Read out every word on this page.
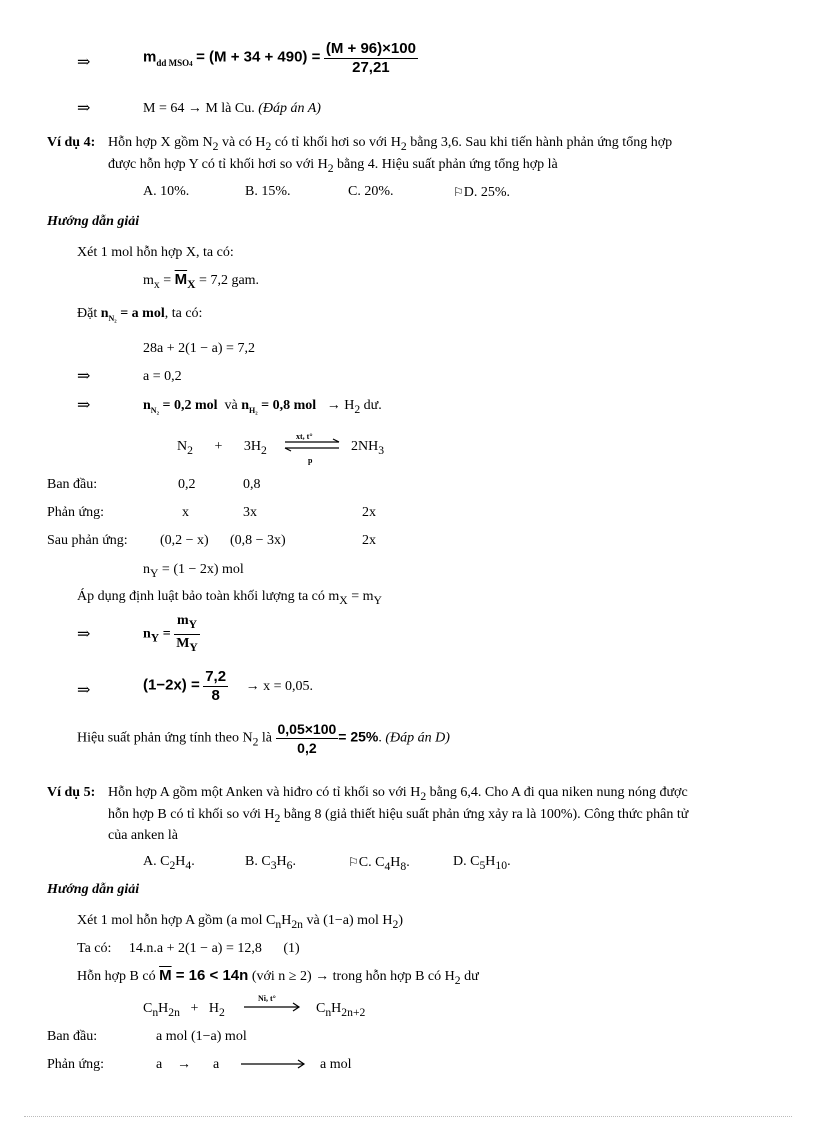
⇒	$m_{dd MSO4} = (M + 34 + 490) = \frac{(M + 96)\times 100}{27,21}$
⇒	M = 64 → M là Cu. (Đáp án A)
Ví dụ 4: Hỗn hợp X gồm $N_2$ và có $H_2$ có tỉ khối hơi so với $H_2$ bằng 3,6. Sau khi tiến hành phản ứng tổng hợp
được hỗn hợp Y có tỉ khối hơi so với $H_2$ bằng 4. Hiệu suất phản ứng tổng hợp là
A. 10%.	B. 15%.	C. 20%.	⚐D. 25%.
Hướng dẫn giải
Xét 1 mol hỗn hợp X, ta có:
$m_x = \overline{M}_X = 7,2$ gam.
Đặt $n_{N_2} = a$ mol, ta có:
28a + 2(1 − a) = 7,2
⇒	a = 0,2
⇒	$n_{N_2} = 0,2$ mol và $n_{H_2} = 0,8$ mol → $H_2$ dư.
$N_2 + 3H_2$
xt, t°
p
$2NH_3$
Ban đầu:	0,2	0,8
Phản ứng:	x	3x	2x
Sau phản ứng: (0,2 − x) (0,8 − 3x)	2x
$n_Y = (1 - 2x)$ mol
Áp dụng định luật bảo toàn khối lượng ta có $m_X = m_Y$
⇒	$n_Y = \frac{m_Y}{M_Y}$
⇒	$(1-2x) = \frac{7,2}{8} \to x = 0,05$.
Hiệu suất phản ứng tính theo $N_2$ là $\frac{0,05\times 100}{0,2} = 25\%$. (Đáp án D)
Ví dụ 5: Hỗn hợp A gồm một Anken và hiđro có tỉ khối so với $H_2$ bằng 6,4. Cho A đi qua niken nung nóng được
hỗn hợp B có tỉ khối so với $H_2$ bằng 8 (giả thiết hiệu suất phản ứng xảy ra là 100%). Công thức phân tử
của anken là
A. $C_2H_4$.	B. $C_3H_6$.	⚐C. $C_4H_8$.	D. $C_5H_{10}$.
Hướng dẫn giải
Xét 1 mol hỗn hợp A gồm (a mol $C_nH_{2n}$ và (1−a) mol $H_2$)
Ta có: 14.n.a + 2(1 − a) = 12,8 (1)
Hỗn hợp B có $\overline{M} = 16 < 14n$ (với n ≥ 2) → trong hỗn hợp B có $H_2$ dư
$C_nH_{2n} + H_2$
Ni, t°
$C_nH_{2n+2}$
Ban đầu:	a mol (1−a) mol
Phản ứng:	a → a	a mol
